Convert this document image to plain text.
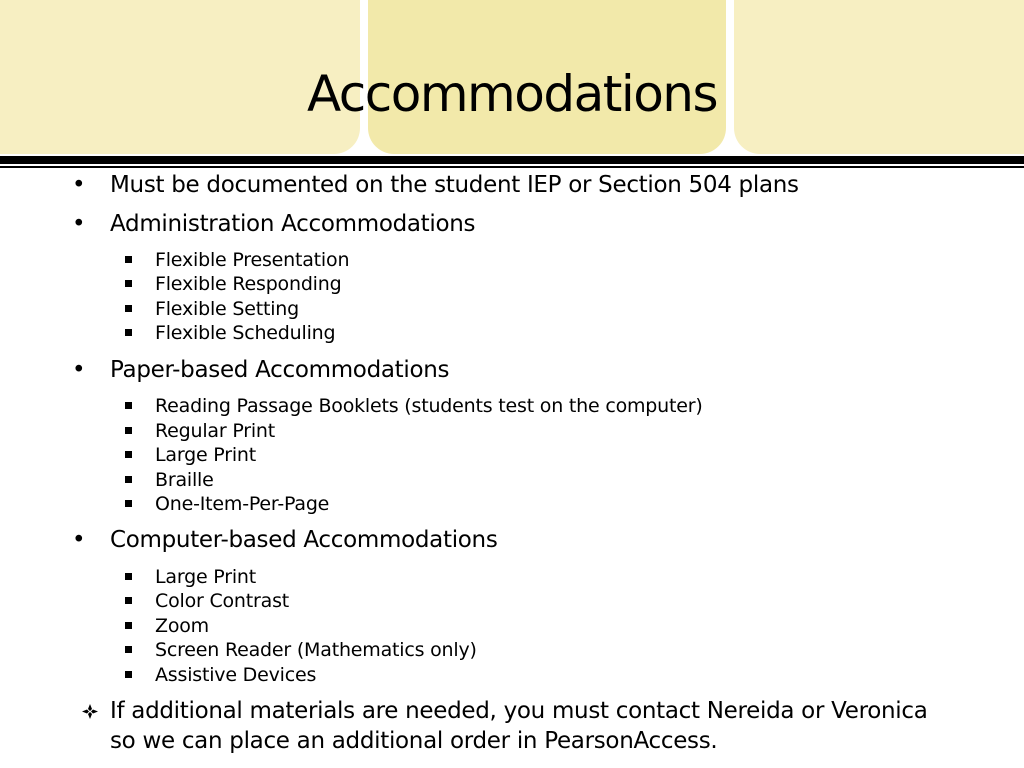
Accommodations
• Must be documented on the student IEP or Section 504 plans
• Administration Accommodations
Flexible Presentation
Flexible Responding
Flexible Setting
Flexible Scheduling
• Paper-based Accommodations
Reading Passage Booklets (students test on the computer)
Regular Print
Large Print
Braille
One-Item-Per-Page
• Computer-based Accommodations
Large Print
Color Contrast
Zoom
Screen Reader (Mathematics only)
Assistive Devices
If additional materials are needed, you must contact Nereida or Veronica so we can place an additional order in PearsonAccess.
